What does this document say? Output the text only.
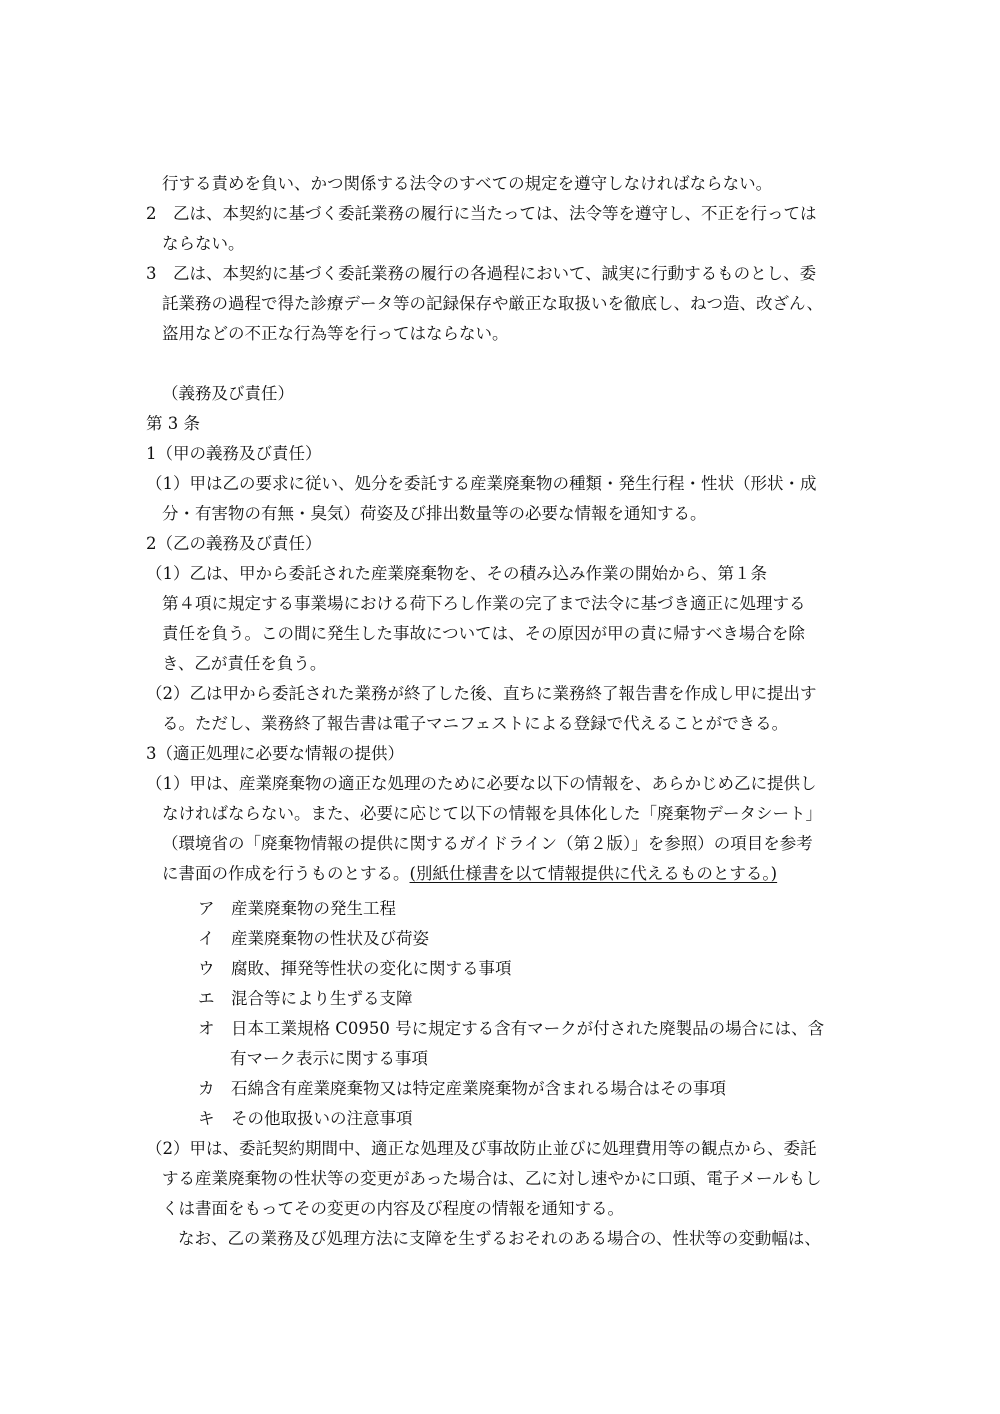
行する責めを負い、かつ関係する法令のすべての規定を遵守しなければならない。
2　乙は、本契約に基づく委託業務の履行に当たっては、法令等を遵守し、不正を行っては
ならない。
3　乙は、本契約に基づく委託業務の履行の各過程において、誠実に行動するものとし、委
託業務の過程で得た診療データ等の記録保存や厳正な取扱いを徹底し、ねつ造、改ざん、
盗用などの不正な行為等を行ってはならない。
（義務及び責任）
第 3 条
1（甲の義務及び責任）
（1）甲は乙の要求に従い、処分を委託する産業廃棄物の種類・発生行程・性状（形状・成
分・有害物の有無・臭気）荷姿及び排出数量等の必要な情報を通知する。
2（乙の義務及び責任）
（1）乙は、甲から委託された産業廃棄物を、その積み込み作業の開始から、第１条
第４項に規定する事業場における荷下ろし作業の完了まで法令に基づき適正に処理する
責任を負う。この間に発生した事故については、その原因が甲の責に帰すべき場合を除
き、乙が責任を負う。
（2）乙は甲から委託された業務が終了した後、直ちに業務終了報告書を作成し甲に提出す
る。ただし、業務終了報告書は電子マニフェストによる登録で代えることができる。
3（適正処理に必要な情報の提供）
（1）甲は、産業廃棄物の適正な処理のために必要な以下の情報を、あらかじめ乙に提供し
なければならない。また、必要に応じて以下の情報を具体化した「廃棄物データシート」
（環境省の「廃棄物情報の提供に関するガイドライン（第２版）」を参照）の項目を参考
に書面の作成を行うものとする。(別紙仕様書を以て情報提供に代えるものとする。)
ア　産業廃棄物の発生工程
イ　産業廃棄物の性状及び荷姿
ウ　腐敗、揮発等性状の変化に関する事項
エ　混合等により生ずる支障
オ　日本工業規格 C0950 号に規定する含有マークが付された廃製品の場合には、含
有マーク表示に関する事項
カ　石綿含有産業廃棄物又は特定産業廃棄物が含まれる場合はその事項
キ　その他取扱いの注意事項
（2）甲は、委託契約期間中、適正な処理及び事故防止並びに処理費用等の観点から、委託
する産業廃棄物の性状等の変更があった場合は、乙に対し速やかに口頭、電子メールもし
くは書面をもってその変更の内容及び程度の情報を通知する。
なお、乙の業務及び処理方法に支障を生ずるおそれのある場合の、性状等の変動幅は、
